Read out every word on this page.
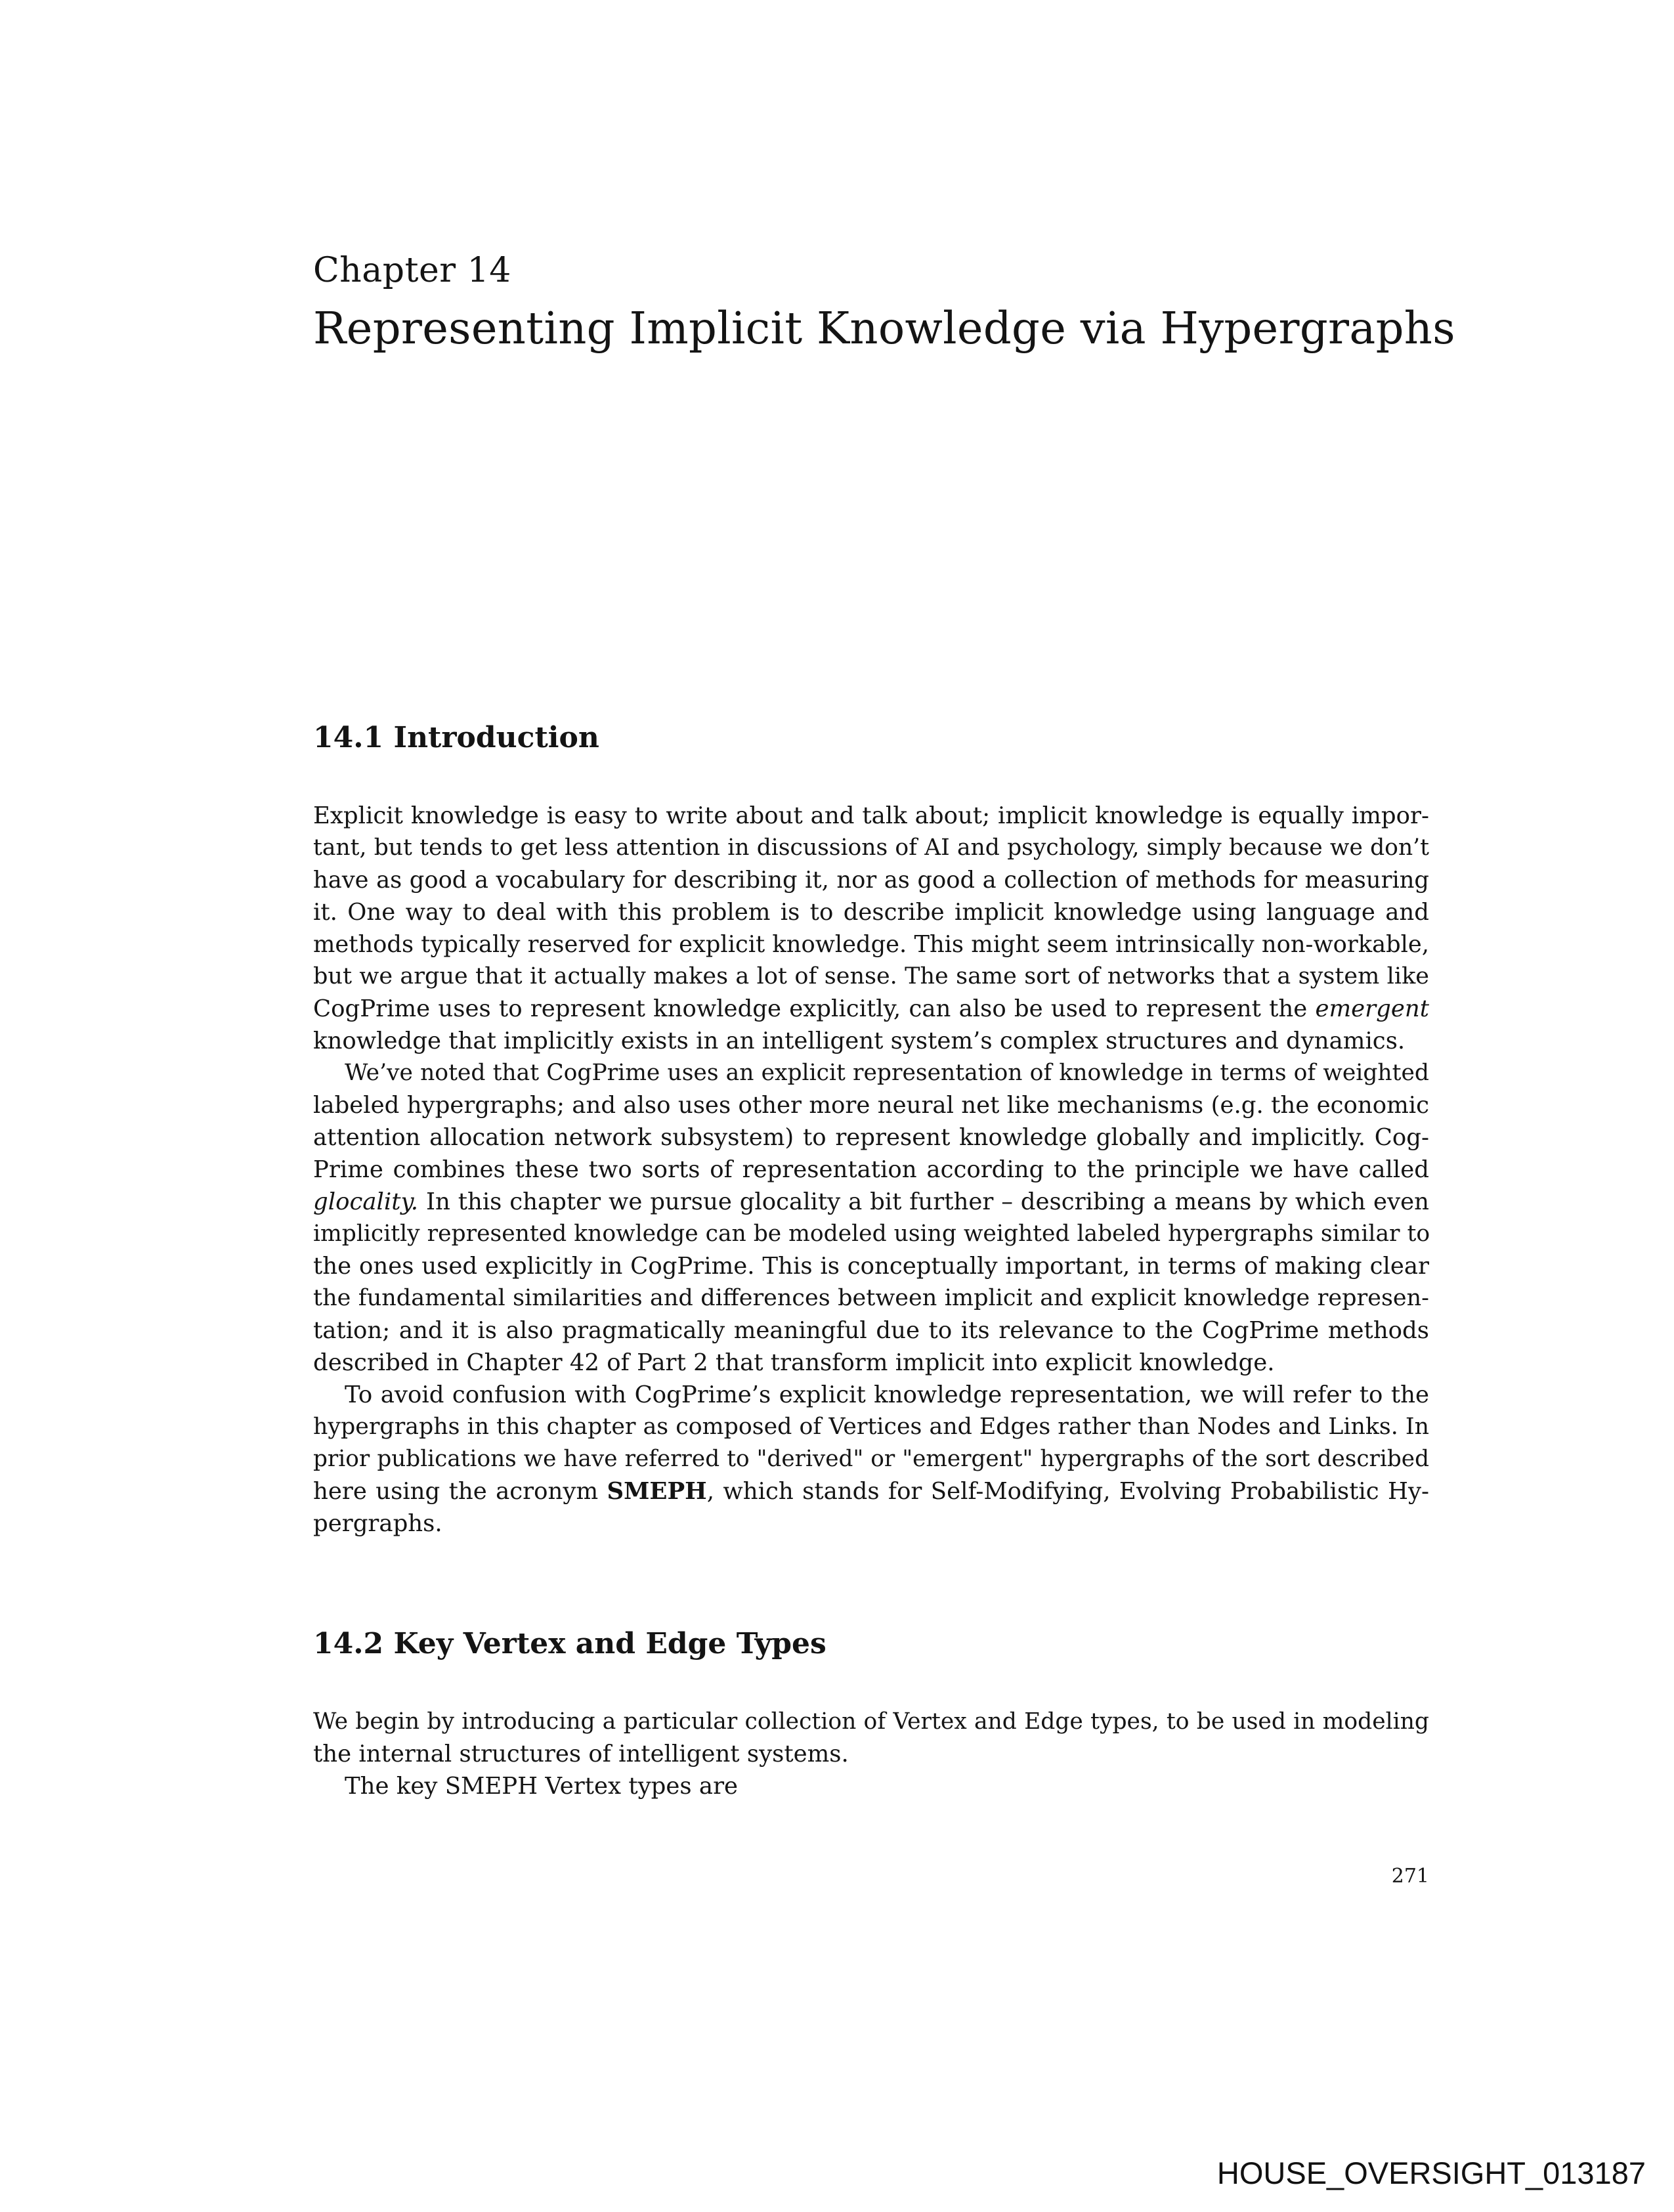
Chapter 14
Representing Implicit Knowledge via Hypergraphs
14.1 Introduction
Explicit knowledge is easy to write about and talk about; implicit knowledge is equally impor-
tant, but tends to get less attention in discussions of AI and psychology, simply because we don’t
have as good a vocabulary for describing it, nor as good a collection of methods for measuring
it. One way to deal with this problem is to describe implicit knowledge using language and
methods typically reserved for explicit knowledge. This might seem intrinsically non-workable,
but we argue that it actually makes a lot of sense. The same sort of networks that a system like
CogPrime uses to represent knowledge explicitly, can also be used to represent the emergent
knowledge that implicitly exists in an intelligent system’s complex structures and dynamics.
We’ve noted that CogPrime uses an explicit representation of knowledge in terms of weighted
labeled hypergraphs; and also uses other more neural net like mechanisms (e.g. the economic
attention allocation network subsystem) to represent knowledge globally and implicitly. Cog-
Prime combines these two sorts of representation according to the principle we have called
glocality. In this chapter we pursue glocality a bit further – describing a means by which even
implicitly represented knowledge can be modeled using weighted labeled hypergraphs similar to
the ones used explicitly in CogPrime. This is conceptually important, in terms of making clear
the fundamental similarities and differences between implicit and explicit knowledge represen-
tation; and it is also pragmatically meaningful due to its relevance to the CogPrime methods
described in Chapter 42 of Part 2 that transform implicit into explicit knowledge.
To avoid confusion with CogPrime’s explicit knowledge representation, we will refer to the
hypergraphs in this chapter as composed of Vertices and Edges rather than Nodes and Links. In
prior publications we have referred to "derived" or "emergent" hypergraphs of the sort described
here using the acronym SMEPH, which stands for Self-Modifying, Evolving Probabilistic Hy-
pergraphs.
14.2 Key Vertex and Edge Types
We begin by introducing a particular collection of Vertex and Edge types, to be used in modeling
the internal structures of intelligent systems.
The key SMEPH Vertex types are
271
HOUSE_OVERSIGHT_013187
